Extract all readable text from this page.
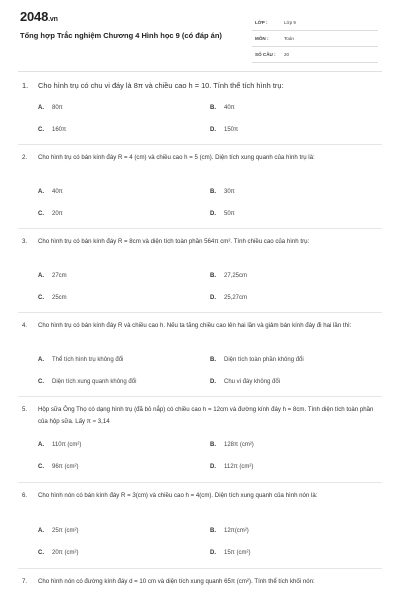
2048.vn
Tổng hợp Trắc nghiệm Chương 4 Hình học 9 (có đáp án)
LỚP :	Lớp 9
MÔN :	Toán
SỐ CÂU : 20
1. Cho hình trụ có chu vi đáy là 8π và chiều cao h = 10. Tính thể tích hình trụ:
A. 80π	B. 40π
C. 160π	D. 150π
2. Cho hình trụ có bán kính đáy R = 4 (cm) và chiều cao h = 5 (cm). Diện tích xung quanh của hình trụ là:
A. 40π	B. 30π
C. 20π	D. 50π
3. Cho hình trụ có bán kính đáy R = 8cm và diện tích toàn phần 564π cm². Tính chiều cao của hình trụ:
A. 27cm	B. 27,25cm
C. 25cm	D. 25,27cm
4. Cho hình trụ có bán kính đáy R và chiều cao h. Nếu ta tăng chiều cao lên hai lần và giảm bán kính đáy đi hai lần thì:
A. Thể tích hình trụ không đổi	B. Diện tích toàn phần không đổi
C. Diện tích xung quanh không đổi	D. Chu vi đáy không đổi
5. Hộp sữa Ông Thọ có dạng hình trụ (đã bỏ nắp) có chiều cao h = 12cm và đường kính đáy h = 8cm. Tính diện tích toàn phần của hộp sữa. Lấy π ≈ 3,14
A. 110π (cm²)	B. 128π (cm²)
C. 96π (cm²)	D. 112π (cm²)
6. Cho hình nón có bán kính đáy R = 3(cm) và chiều cao h = 4(cm). Diện tích xung quanh của hình nón là:
A. 25π (cm²)	B. 12π(cm²)
C. 20π (cm²)	D. 15π (cm²)
7. Cho hình nón có đường kính đáy d = 10 cm và diện tích xung quanh 65π (cm²). Tính thể tích khối nón:
